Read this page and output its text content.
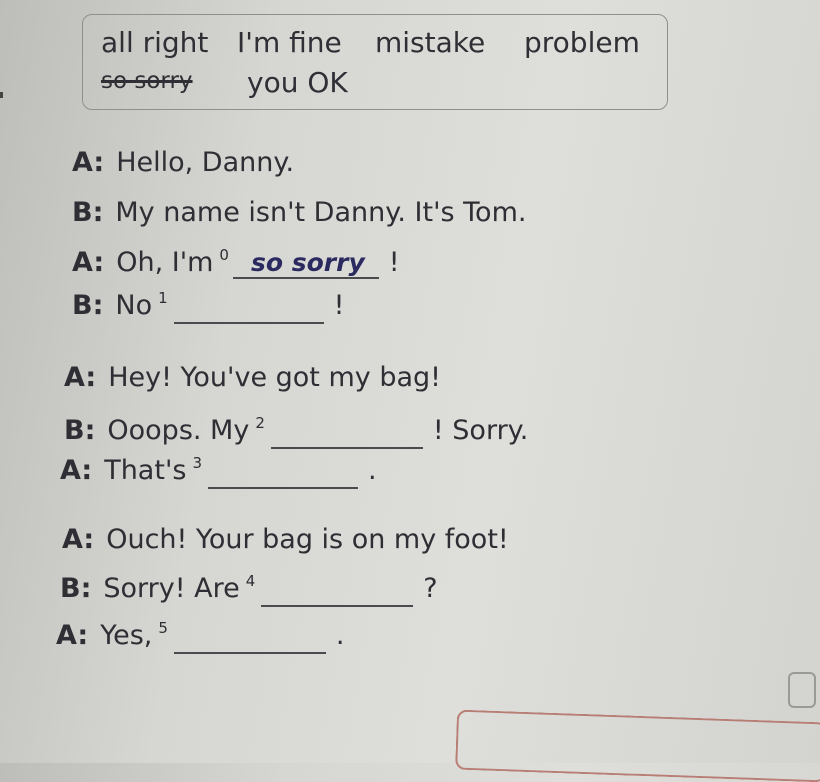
all right I'm fine mistake problem
so sorry you OK
A: Hello, Danny.
B: My name isn't Danny. It's Tom.
A: Oh, I'm 0 so sorry !
B: No 1	!
A: Hey! You've got my bag!
B: Ooops. My 2	! Sorry.
A: That's 3	.
A: Ouch! Your bag is on my foot!
B: Sorry! Are 4	?
A: Yes, 5	.
